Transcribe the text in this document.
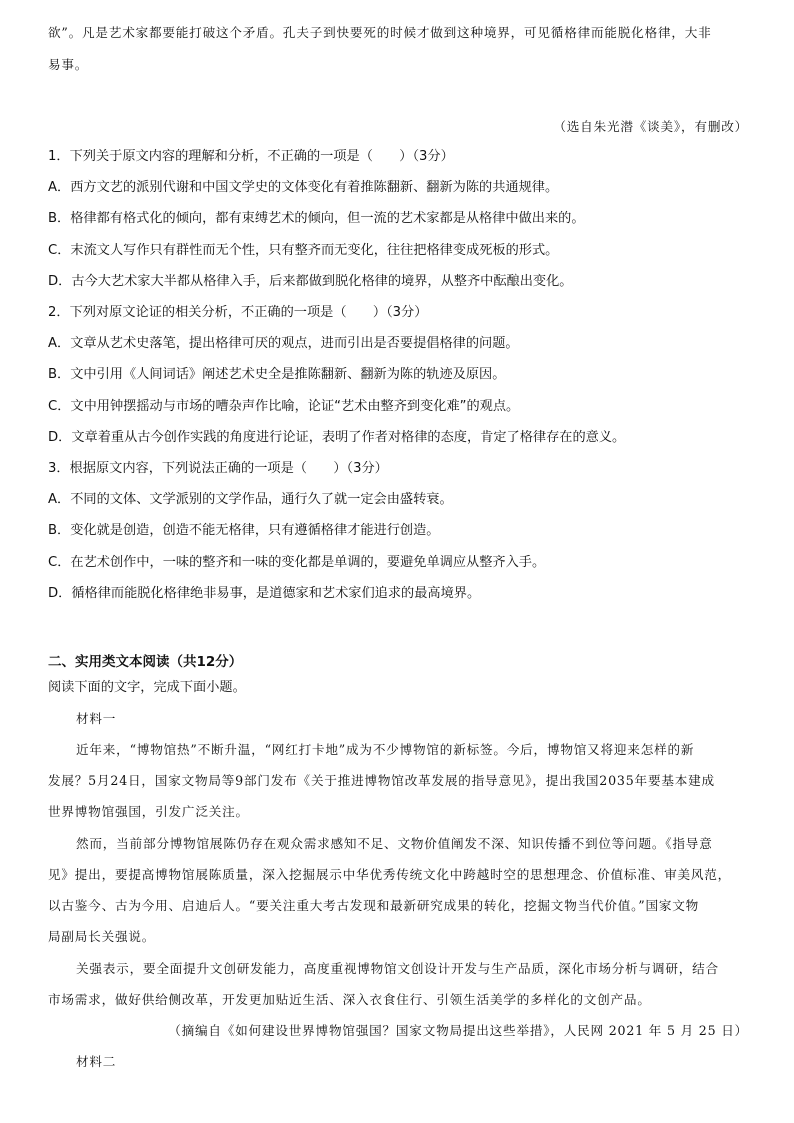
欲”。凡是艺术家都要能打破这个矛盾。孔夫子到快要死的时候才做到这种境界，可见循格律而能脱化格律，大非

易事。

（选自朱光潜《谈美》，有删改）

1．下列关于原文内容的理解和分析，不正确的一项是（　　）（3分）

A．西方文艺的派别代谢和中国文学史的文体变化有着推陈翻新、翻新为陈的共通规律。

B．格律都有格式化的倾向，都有束缚艺术的倾向，但一流的艺术家都是从格律中做出来的。

C．末流文人写作只有群性而无个性，只有整齐而无变化，往往把格律变成死板的形式。

D．古今大艺术家大半都从格律入手，后来都做到脱化格律的境界，从整齐中酝酿出变化。

2．下列对原文论证的相关分析，不正确的一项是（　　）（3分）

A．文章从艺术史落笔，提出格律可厌的观点，进而引出是否要提倡格律的问题。

B．文中引用《人间词话》阐述艺术史全是推陈翻新、翻新为陈的轨迹及原因。

C．文中用钟摆摇动与市场的嘈杂声作比喻，论证“艺术由整齐到变化难”的观点。

D．文章着重从古今创作实践的角度进行论证，表明了作者对格律的态度，肯定了格律存在的意义。

3．根据原文内容，下列说法正确的一项是（　　）（3分）

A．不同的文体、文学派别的文学作品，通行久了就一定会由盛转衰。

B．变化就是创造，创造不能无格律，只有遵循格律才能进行创造。

C．在艺术创作中，一味的整齐和一味的变化都是单调的，要避免单调应从整齐入手。

D．循格律而能脱化格律绝非易事，是道德家和艺术家们追求的最高境界。

二、实用类文本阅读（共12分）

阅读下面的文字，完成下面小题。

材料一

近年来，“博物馆热”不断升温，“网红打卡地”成为不少博物馆的新标签。今后，博物馆又将迎来怎样的新

发展？5月24日，国家文物局等9部门发布《关于推进博物馆改革发展的指导意见》，提出我国2035年要基本建成

世界博物馆强国，引发广泛关注。

然而，当前部分博物馆展陈仍存在观众需求感知不足、文物价值阐发不深、知识传播不到位等问题。《指导意

见》提出，要提高博物馆展陈质量，深入挖掘展示中华优秀传统文化中跨越时空的思想理念、价值标准、审美风范，

以古鉴今、古为今用、启迪后人。“要关注重大考古发现和最新研究成果的转化，挖掘文物当代价值。”国家文物

局副局长关强说。

关强表示，要全面提升文创研发能力，高度重视博物馆文创设计开发与生产品质，深化市场分析与调研，结合

市场需求，做好供给侧改革，开发更加贴近生活、深入衣食住行、引领生活美学的多样化的文创产品。

（摘编自《如何建设世界博物馆强国？国家文物局提出这些举措》，人民网 2021 年 5 月 25 日）

材料二
